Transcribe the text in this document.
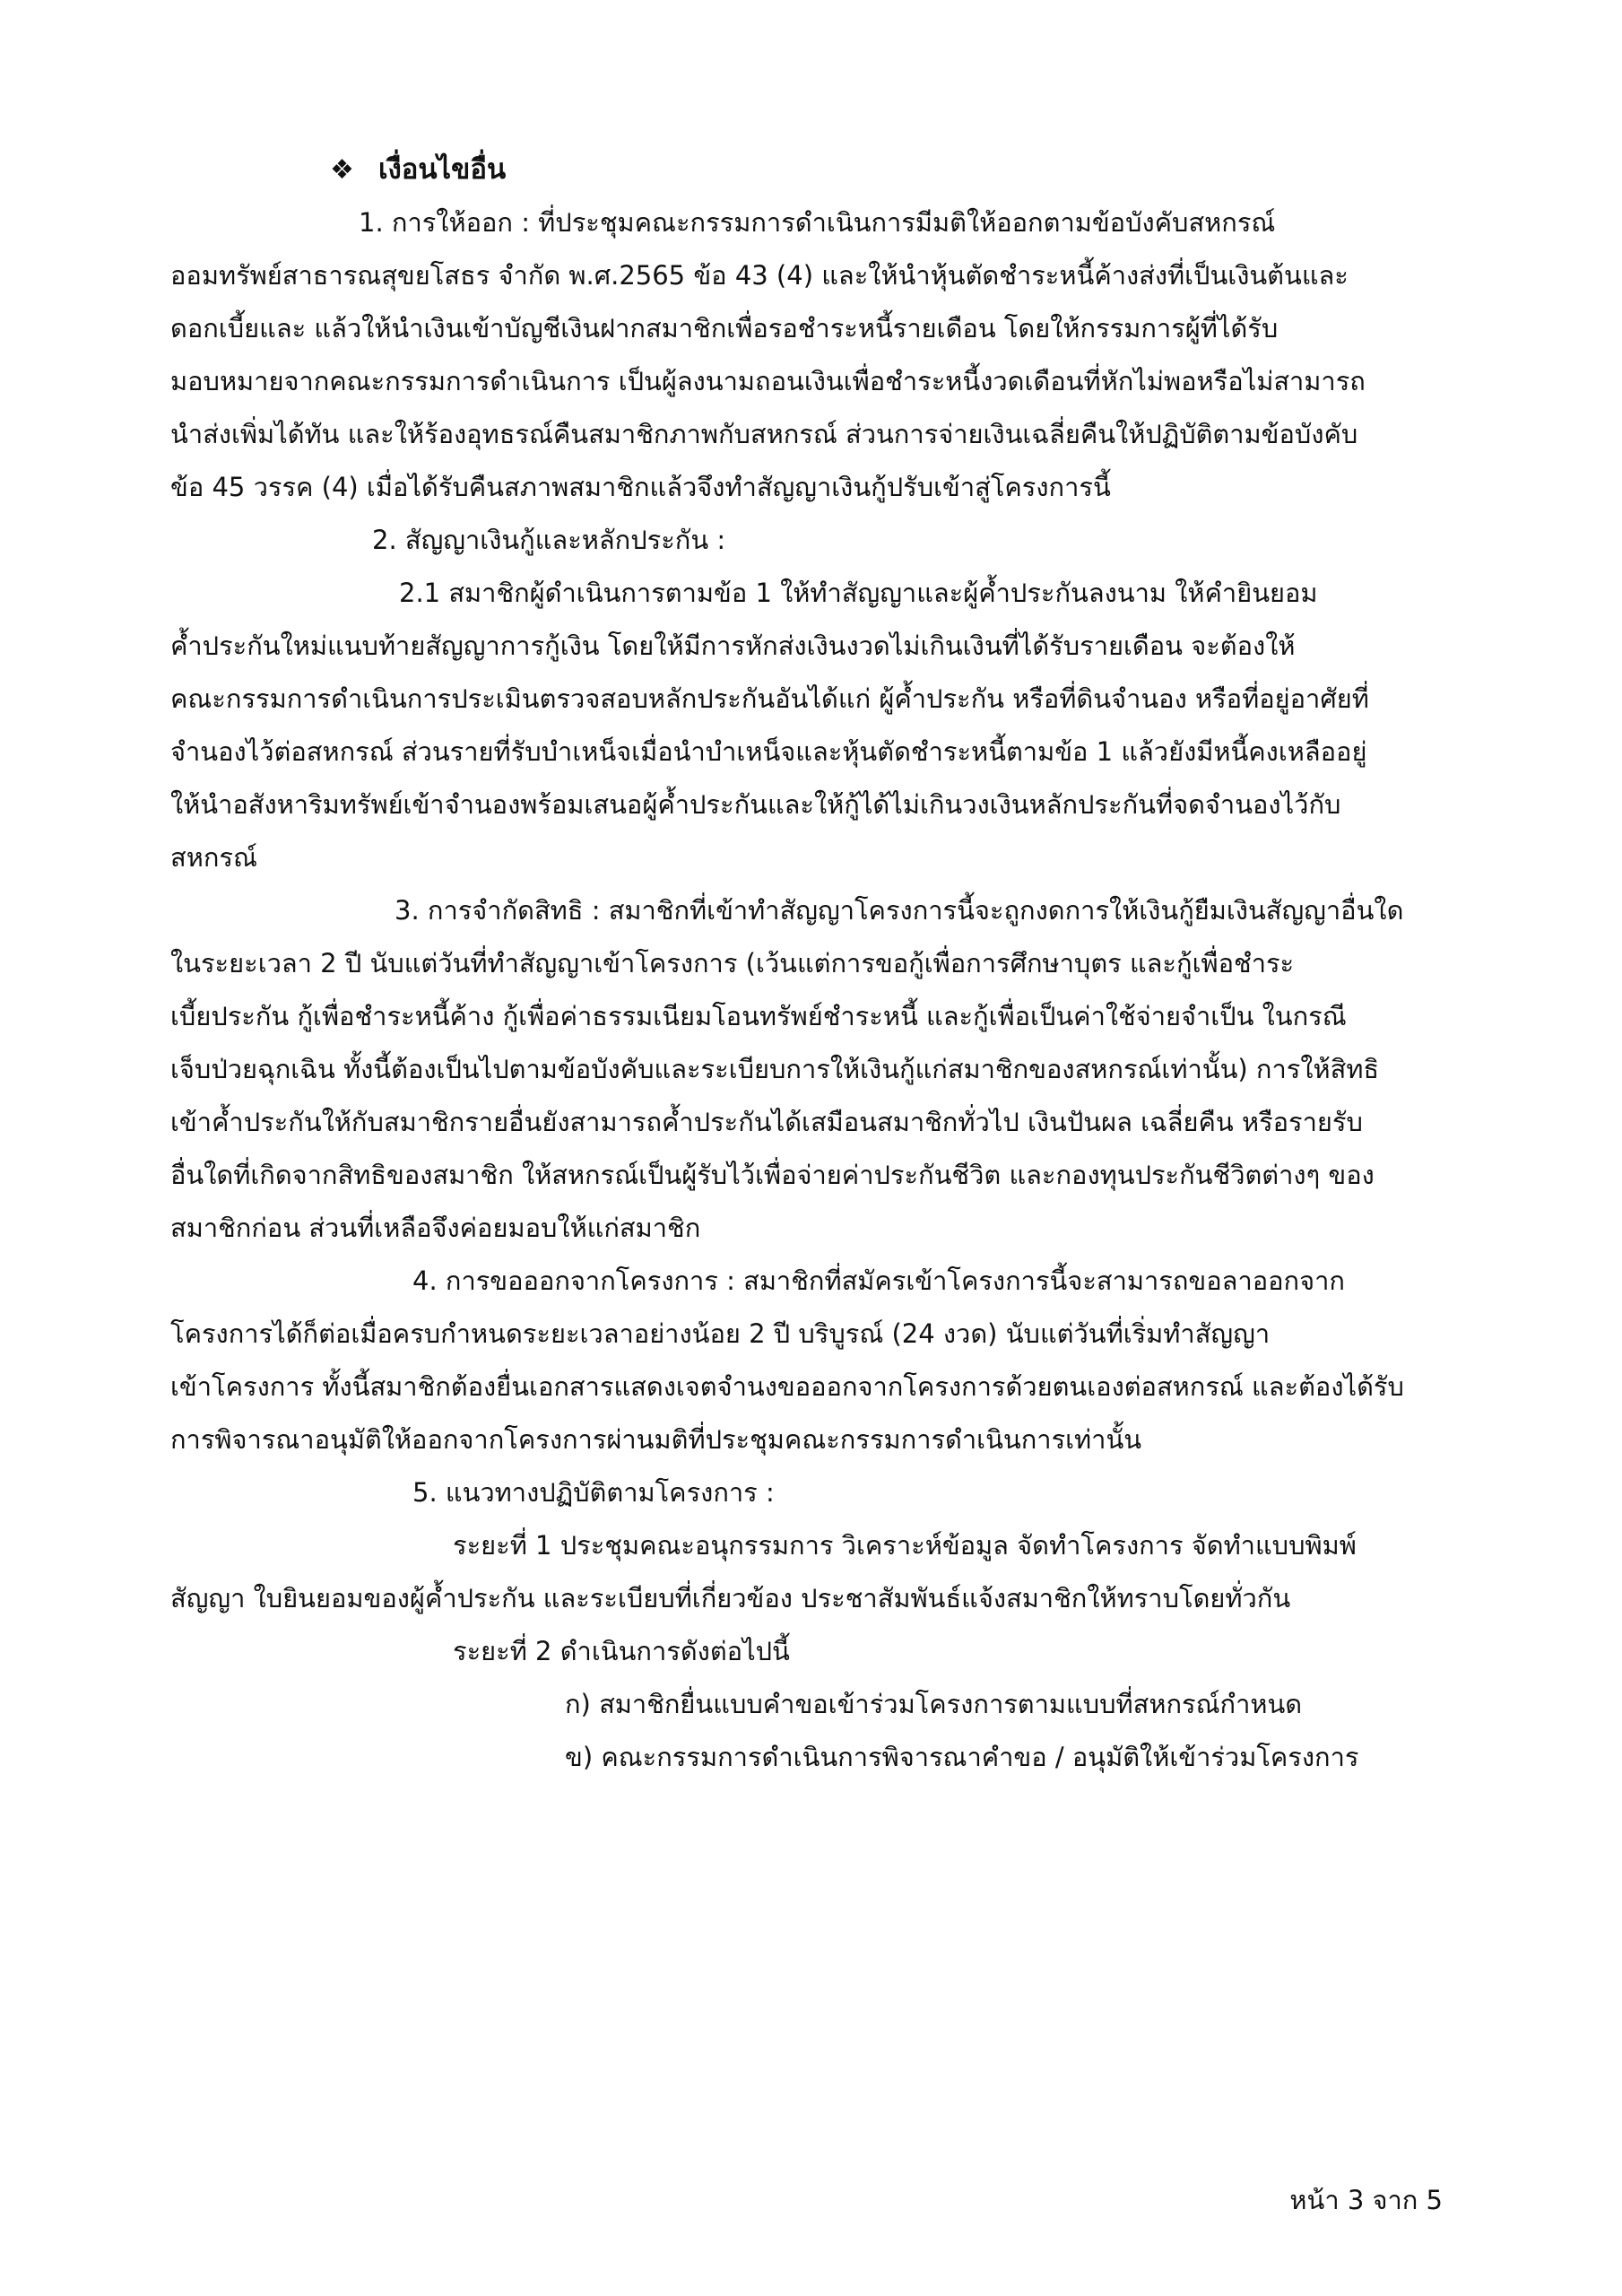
❖ เงื่อนไขอื่น
1. การให้ออก : ที่ประชุมคณะกรรมการดำเนินการมีมติให้ออกตามข้อบังคับสหกรณ์
ออมทรัพย์สาธารณสุขยโสธร จำกัด พ.ศ.2565 ข้อ 43 (4) และให้นำหุ้นตัดชำระหนี้ค้างส่งที่เป็นเงินต้นและ
ดอกเบี้ยและ แล้วให้นำเงินเข้าบัญชีเงินฝากสมาชิกเพื่อรอชำระหนี้รายเดือน โดยให้กรรมการผู้ที่ได้รับ
มอบหมายจากคณะกรรมการดำเนินการ เป็นผู้ลงนามถอนเงินเพื่อชำระหนี้งวดเดือนที่หักไม่พอหรือไม่สามารถ
นำส่งเพิ่มได้ทัน และให้ร้องอุทธรณ์คืนสมาชิกภาพกับสหกรณ์ ส่วนการจ่ายเงินเฉลี่ยคืนให้ปฏิบัติตามข้อบังคับ
ข้อ 45 วรรค (4) เมื่อได้รับคืนสภาพสมาชิกแล้วจึงทำสัญญาเงินกู้ปรับเข้าสู่โครงการนี้
2. สัญญาเงินกู้และหลักประกัน :
2.1 สมาชิกผู้ดำเนินการตามข้อ 1 ให้ทำสัญญาและผู้ค้ำประกันลงนาม ให้คำยินยอม
ค้ำประกันใหม่แนบท้ายสัญญาการกู้เงิน โดยให้มีการหักส่งเงินงวดไม่เกินเงินที่ได้รับรายเดือน จะต้องให้
คณะกรรมการดำเนินการประเมินตรวจสอบหลักประกันอันได้แก่ ผู้ค้ำประกัน หรือที่ดินจำนอง หรือที่อยู่อาศัยที่
จำนองไว้ต่อสหกรณ์ ส่วนรายที่รับบำเหน็จเมื่อนำบำเหน็จและหุ้นตัดชำระหนี้ตามข้อ 1 แล้วยังมีหนี้คงเหลืออยู่
ให้นำอสังหาริมทรัพย์เข้าจำนองพร้อมเสนอผู้ค้ำประกันและให้กู้ได้ไม่เกินวงเงินหลักประกันที่จดจำนองไว้กับ
สหกรณ์
3. การจำกัดสิทธิ : สมาชิกที่เข้าทำสัญญาโครงการนี้จะถูกงดการให้เงินกู้ยืมเงินสัญญาอื่นใด
ในระยะเวลา 2 ปี นับแต่วันที่ทำสัญญาเข้าโครงการ (เว้นแต่การขอกู้เพื่อการศึกษาบุตร และกู้เพื่อชำระ
เบี้ยประกัน กู้เพื่อชำระหนี้ค้าง กู้เพื่อค่าธรรมเนียมโอนทรัพย์ชำระหนี้ และกู้เพื่อเป็นค่าใช้จ่ายจำเป็น ในกรณี
เจ็บป่วยฉุกเฉิน ทั้งนี้ต้องเป็นไปตามข้อบังคับและระเบียบการให้เงินกู้แก่สมาชิกของสหกรณ์เท่านั้น) การให้สิทธิ
เข้าค้ำประกันให้กับสมาชิกรายอื่นยังสามารถค้ำประกันได้เสมือนสมาชิกทั่วไป เงินปันผล เฉลี่ยคืน หรือรายรับ
อื่นใดที่เกิดจากสิทธิของสมาชิก ให้สหกรณ์เป็นผู้รับไว้เพื่อจ่ายค่าประกันชีวิต และกองทุนประกันชีวิตต่างๆ ของ
สมาชิกก่อน ส่วนที่เหลือจึงค่อยมอบให้แก่สมาชิก
4. การขอออกจากโครงการ : สมาชิกที่สมัครเข้าโครงการนี้จะสามารถขอลาออกจาก
โครงการได้ก็ต่อเมื่อครบกำหนดระยะเวลาอย่างน้อย 2 ปี บริบูรณ์ (24 งวด) นับแต่วันที่เริ่มทำสัญญา
เข้าโครงการ ทั้งนี้สมาชิกต้องยื่นเอกสารแสดงเจตจำนงขอออกจากโครงการด้วยตนเองต่อสหกรณ์ และต้องได้รับ
การพิจารณาอนุมัติให้ออกจากโครงการผ่านมติที่ประชุมคณะกรรมการดำเนินการเท่านั้น
5. แนวทางปฏิบัติตามโครงการ :
ระยะที่ 1 ประชุมคณะอนุกรรมการ วิเคราะห์ข้อมูล จัดทำโครงการ จัดทำแบบพิมพ์
สัญญา ใบยินยอมของผู้ค้ำประกัน และระเบียบที่เกี่ยวข้อง ประชาสัมพันธ์แจ้งสมาชิกให้ทราบโดยทั่วกัน
ระยะที่ 2 ดำเนินการดังต่อไปนี้
ก) สมาชิกยื่นแบบคำขอเข้าร่วมโครงการตามแบบที่สหกรณ์กำหนด
ข) คณะกรรมการดำเนินการพิจารณาคำขอ / อนุมัติให้เข้าร่วมโครงการ
หน้า 3 จาก 5
